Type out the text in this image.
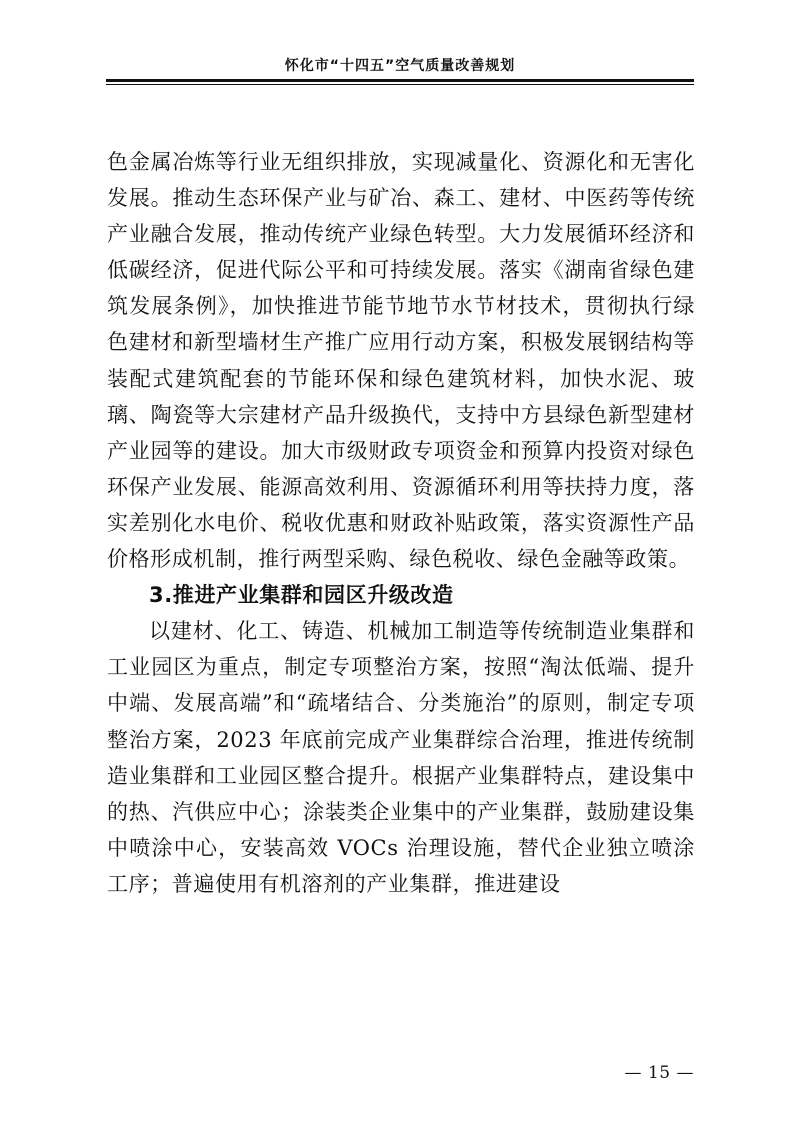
怀化市“十四五”空气质量改善规划

色金属冶炼等行业无组织排放，实现减量化、资源化和无害化发展。推动生态环保产业与矿冶、森工、建材、中医药等传统产业融合发展，推动传统产业绿色转型。大力发展循环经济和低碳经济，促进代际公平和可持续发展。落实《湖南省绿色建筑发展条例》，加快推进节能节地节水节材技术，贯彻执行绿色建材和新型墙材生产推广应用行动方案，积极发展钢结构等装配式建筑配套的节能环保和绿色建筑材料，加快水泥、玻璃、陶瓷等大宗建材产品升级换代，支持中方县绿色新型建材产业园等的建设。加大市级财政专项资金和预算内投资对绿色环保产业发展、能源高效利用、资源循环利用等扶持力度，落实差别化水电价、税收优惠和财政补贴政策，落实资源性产品价格形成机制，推行两型采购、绿色税收、绿色金融等政策。

3.推进产业集群和园区升级改造

以建材、化工、铸造、机械加工制造等传统制造业集群和工业园区为重点，制定专项整治方案，按照“淘汰低端、提升中端、发展高端”和“疏堵结合、分类施治”的原则，制定专项整治方案，2023 年底前完成产业集群综合治理，推进传统制造业集群和工业园区整合提升。根据产业集群特点，建设集中的热、汽供应中心；涂装类企业集中的产业集群，鼓励建设集中喷涂中心，安装高效 VOCs 治理设施，替代企业独立喷涂工序；普遍使用有机溶剂的产业集群，推进建设

— 15 —
